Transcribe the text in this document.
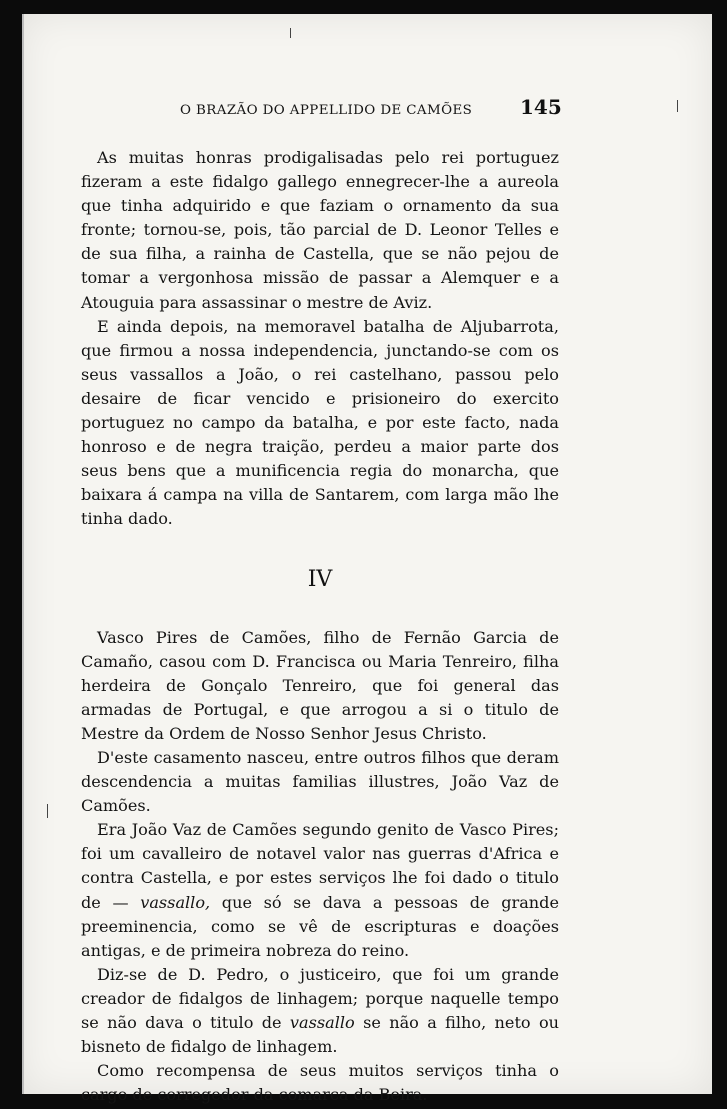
O BRAZÃO DO APPELLIDO DE CAMÕES 145

As muitas honras prodigalisadas pelo rei portuguez fizeram a este fidalgo gallego ennegrecer-lhe a aureola que tinha adquirido e que faziam o ornamento da sua fronte; tornou-se, pois, tão parcial de D. Leonor Telles e de sua filha, a rainha de Castella, que se não pejou de tomar a vergonhosa missão de passar a Alemquer e a Atouguia para assassinar o mestre de Aviz.

E ainda depois, na memoravel batalha de Aljubarrota, que firmou a nossa independencia, junctando-se com os seus vassallos a João, o rei castelhano, passou pelo desaire de ficar vencido e prisioneiro do exercito portuguez no campo da batalha, e por este facto, nada honroso e de negra traição, perdeu a maior parte dos seus bens que a munificencia regia do monarcha, que baixara á campa na villa de Santarem, com larga mão lhe tinha dado.

IV

Vasco Pires de Camões, filho de Fernão Garcia de Camaño, casou com D. Francisca ou Maria Tenreiro, filha herdeira de Gonçalo Tenreiro, que foi general das armadas de Portugal, e que arrogou a si o titulo de Mestre da Ordem de Nosso Senhor Jesus Christo.

D'este casamento nasceu, entre outros filhos que deram descendencia a muitas familias illustres, João Vaz de Camões.

Era João Vaz de Camões segundo genito de Vasco Pires; foi um cavalleiro de notavel valor nas guerras d'Africa e contra Castella, e por estes serviços lhe foi dado o titulo de — vassallo, que só se dava a pessoas de grande preeminencia, como se vê de escripturas e doações antigas, e de primeira nobreza do reino.

Diz-se de D. Pedro, o justiceiro, que foi um grande creador de fidalgos de linhagem; porque naquelle tempo se não dava o titulo de vassallo se não a filho, neto ou bisneto de fidalgo de linhagem.

Como recompensa de seus muitos serviços tinha o cargo de corregedor da comarca da Beira.
